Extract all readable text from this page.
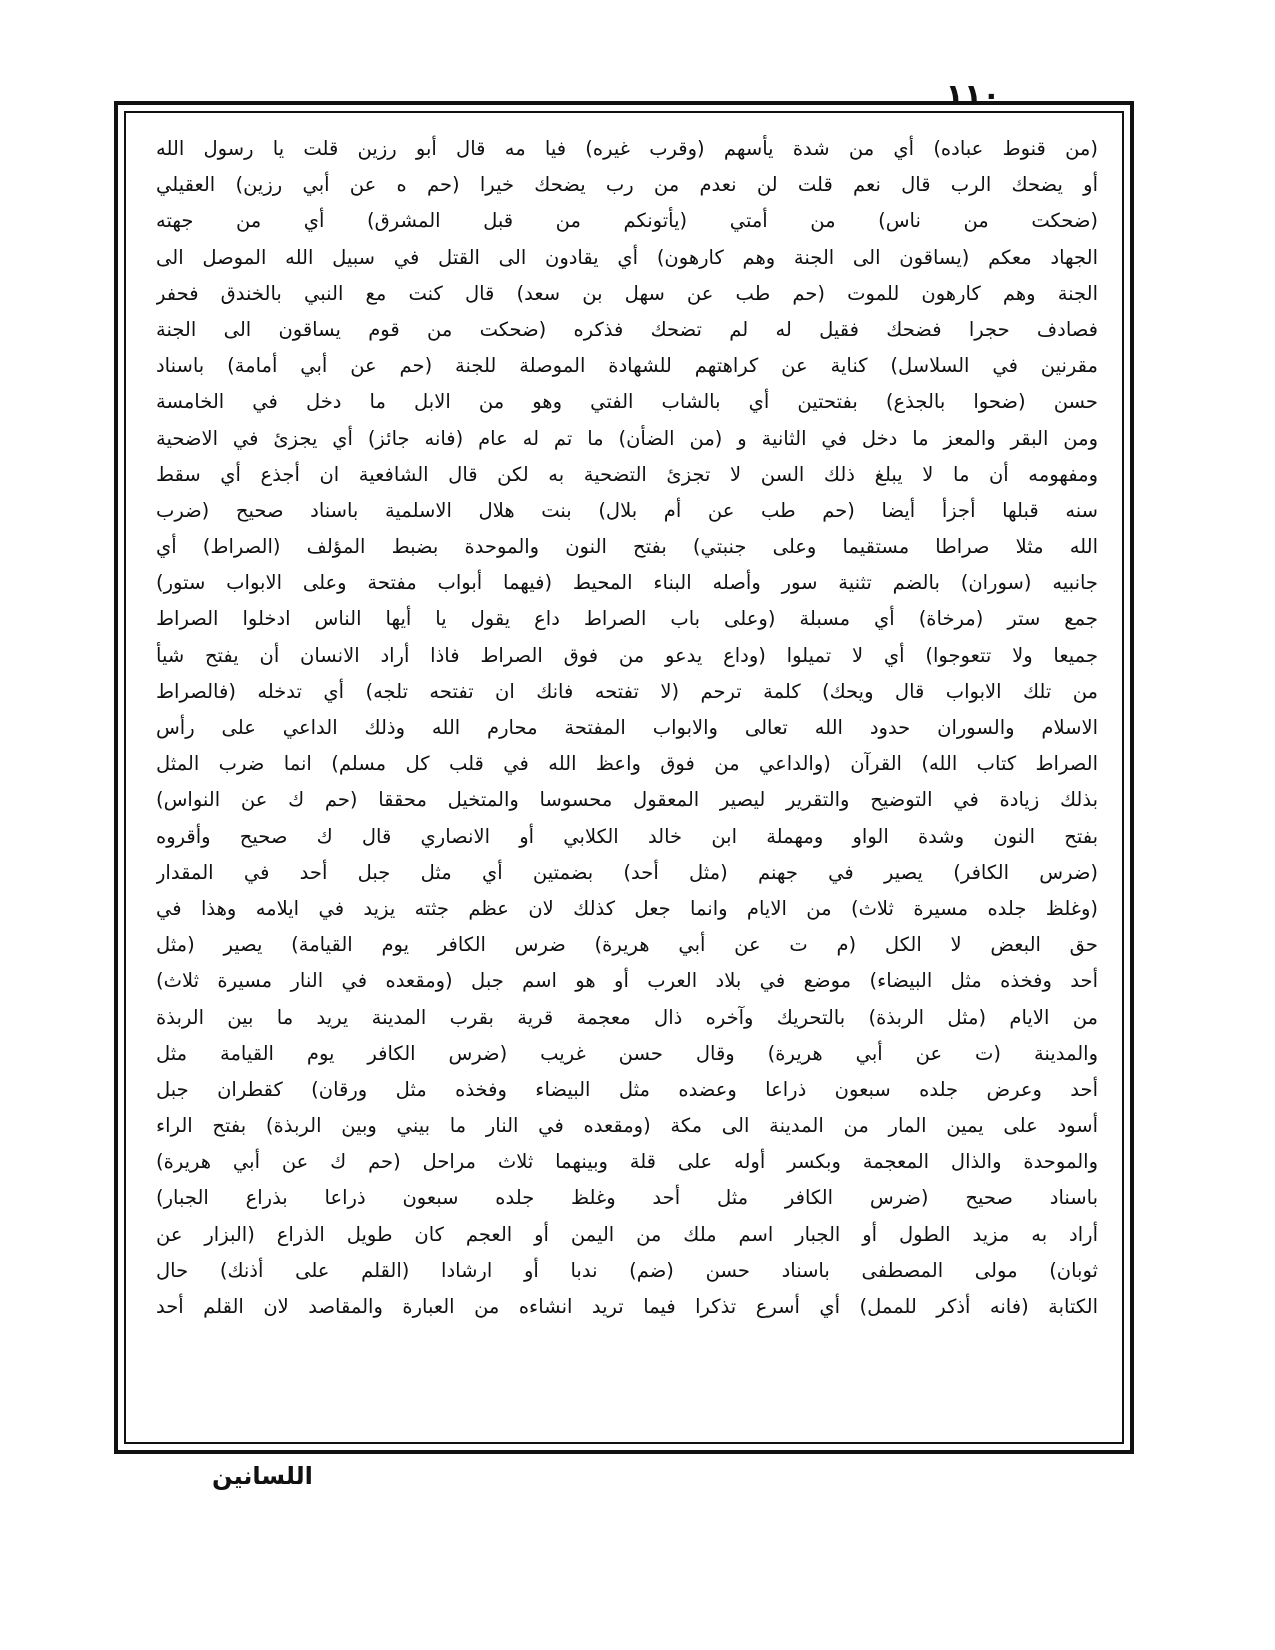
١١٠
(من قنوط عباده) أي من شدة يأسهم (وقرب غيره) فيا مه قال أبو رزين قلت يا رسول الله
أو يضحك الرب قال نعم قلت لن نعدم من رب يضحك خيرا (حم ه عن أبي رزين) العقيلي
(ضحكت من ناس) من أمتي (يأتونكم من قبل المشرق) أي من جهته
الجهاد معكم (يساقون الى الجنة وهم كارهون) أي يقادون الى القتل في سبيل الله الموصل الى
الجنة وهم كارهون للموت (حم طب عن سهل بن سعد) قال كنت مع النبي بالخندق فحفر
فصادف حجرا فضحك فقيل له لم تضحك فذكره (ضحكت من قوم يساقون الى الجنة
مقرنين في السلاسل) كناية عن كراهتهم للشهادة الموصلة للجنة (حم عن أبي أمامة) باسناد
حسن (ضحوا بالجذع) بفتحتين أي بالشاب الفتي وهو من الابل ما دخل في الخامسة
ومن البقر والمعز ما دخل في الثانية و (من الضأن) ما تم له عام (فانه جائز) أي يجزئ في الاضحية
ومفهومه أن ما لا يبلغ ذلك السن لا تجزئ التضحية به لكن قال الشافعية ان أجذع أي سقط
سنه قبلها أجزأ أيضا (حم طب عن أم بلال) بنت هلال الاسلمية باسناد صحيح (ضرب
الله مثلا صراطا مستقيما وعلى جنبتي) بفتح النون والموحدة بضبط المؤلف (الصراط) أي
جانبيه (سوران) بالضم تثنية سور وأصله البناء المحيط (فيهما أبواب مفتحة وعلى الابواب ستور)
جمع ستر (مرخاة) أي مسبلة (وعلى باب الصراط داع يقول يا أيها الناس ادخلوا الصراط
جميعا ولا تتعوجوا) أي لا تميلوا (وداع يدعو من فوق الصراط فاذا أراد الانسان أن يفتح شيأ
من تلك الابواب قال ويحك) كلمة ترحم (لا تفتحه فانك ان تفتحه تلجه) أي تدخله (فالصراط
الاسلام والسوران حدود الله تعالى والابواب المفتحة محارم الله وذلك الداعي على رأس
الصراط كتاب الله) القرآن (والداعي من فوق واعظ الله في قلب كل مسلم) انما ضرب المثل
بذلك زيادة في التوضيح والتقرير ليصير المعقول محسوسا والمتخيل محققا (حم ك عن النواس)
بفتح النون وشدة الواو ومهملة ابن خالد الكلابي أو الانصاري قال ك صحيح وأقروه
(ضرس الكافر) يصير في جهنم (مثل أحد) بضمتين أي مثل جبل أحد في المقدار
(وغلظ جلده مسيرة ثلاث) من الايام وانما جعل كذلك لان عظم جثته يزيد في ايلامه وهذا في
حق البعض لا الكل (م ت عن أبي هريرة) ضرس الكافر يوم القيامة) يصير (مثل
أحد وفخذه مثل البيضاء) موضع في بلاد العرب أو هو اسم جبل (ومقعده في النار مسيرة ثلاث)
من الايام (مثل الربذة) بالتحريك وآخره ذال معجمة قرية بقرب المدينة يريد ما بين الربذة
والمدينة (ت عن أبي هريرة) وقال حسن غريب (ضرس الكافر يوم القيامة مثل
أحد وعرض جلده سبعون ذراعا وعضده مثل البيضاء وفخذه مثل ورقان) كقطران جبل
أسود على يمين المار من المدينة الى مكة (ومقعده في النار ما بيني وبين الربذة) بفتح الراء
والموحدة والذال المعجمة وبكسر أوله على قلة وبينهما ثلاث مراحل (حم ك عن أبي هريرة)
باسناد صحيح (ضرس الكافر مثل أحد وغلظ جلده سبعون ذراعا بذراع الجبار)
أراد به مزيد الطول أو الجبار اسم ملك من اليمن أو العجم كان طويل الذراع (البزار عن
ثوبان) مولى المصطفى باسناد حسن (ضم) ندبا أو ارشادا (القلم على أذنك) حال
الكتابة (فانه أذكر للممل) أي أسرع تذكرا فيما تريد انشاءه من العبارة والمقاصد لان القلم أحد
اللسانين
